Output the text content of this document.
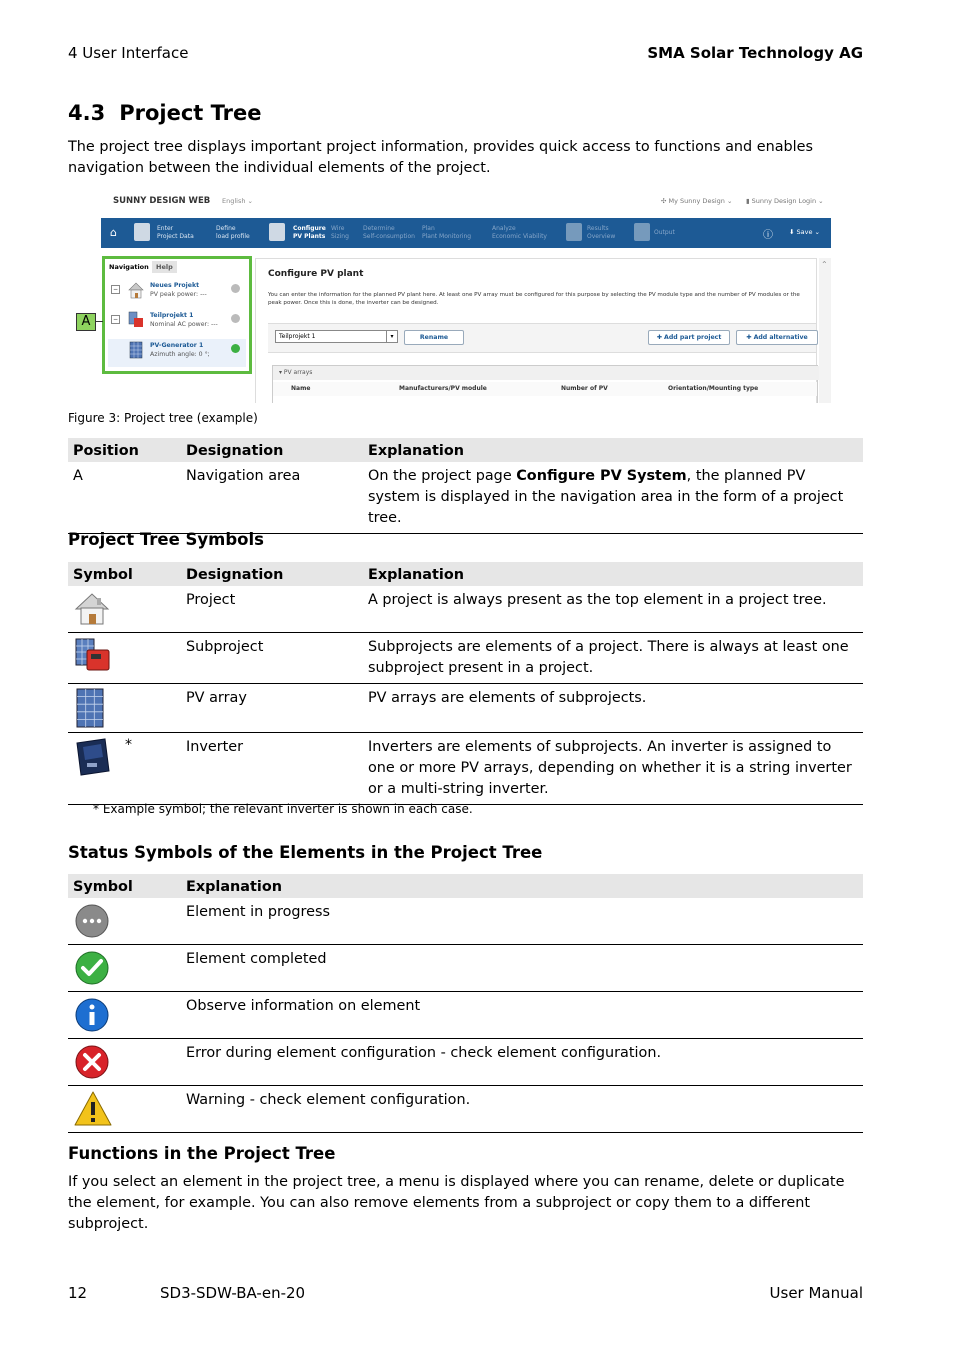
4 User Interface	SMA Solar Technology AG
4.3 Project Tree
The project tree displays important project information, provides quick access to functions and enables navigation between the individual elements of the project.
SUNNY DESIGN WEB English ⌄	✣ My Sunny Design ⌄ ▮ Sunny Design Login ⌄
⌂	Enter
Project Data
Define
load profile
Configure
PV Plants
Wire
Sizing
Determine
Self-consumption
Plan
Plant Monitoring
Analyze
Economic Viability
Results
Overview
Output	ⓘ ⬇ Save ⌄
Navigation	Help
−
Neues Projekt
PV peak power: ---
−
Teilprojekt 1
Nominal AC power: ---
PV-Generator 1
Azimuth angle: 0 °;
Configure PV plant
You can enter the information for the planned PV plant here. At least one PV array must be configured for this purpose by selecting the PV module type and the number of PV modules or the peak power. Once this is done, the inverter can be designed.
Teilprojekt 1	▾	Rename	✚ Add part project	✚ Add alternative
▾ PV arrays
Name	Manufacturers/PV module	Number of PV	Orientation/Mounting type
⌃
A
Figure 3: Project tree (example)
Position	Designation	Explanation
A	Navigation area	On the project page Configure PV System, the planned PV system is displayed in the navigation area in the form of a project tree.
Project Tree Symbols
Symbol	Designation	Explanation

	Project	A project is always present as the top element in a project tree.

	Subproject	Subprojects are elements of a project. There is always at least one subproject present in a project.

	PV array	PV arrays are elements of subprojects.

*	Inverter	Inverters are elements of subprojects. An inverter is assigned to one or more PV arrays, depending on whether it is a string inverter or a multi-string inverter.
* Example symbol; the relevant inverter is shown in each case.
Status Symbols of the Elements in the Project Tree
Symbol	Explanation

	Element in progress

	Element completed

	Observe information on element

	Error during element configuration - check element configuration.

	Warning - check element configuration.
Functions in the Project Tree
If you select an element in the project tree, a menu is displayed where you can rename, delete or duplicate the element, for example. You can also remove elements from a subproject or copy them to a different subproject.
12	SD3-SDW-BA-en-20	User Manual
